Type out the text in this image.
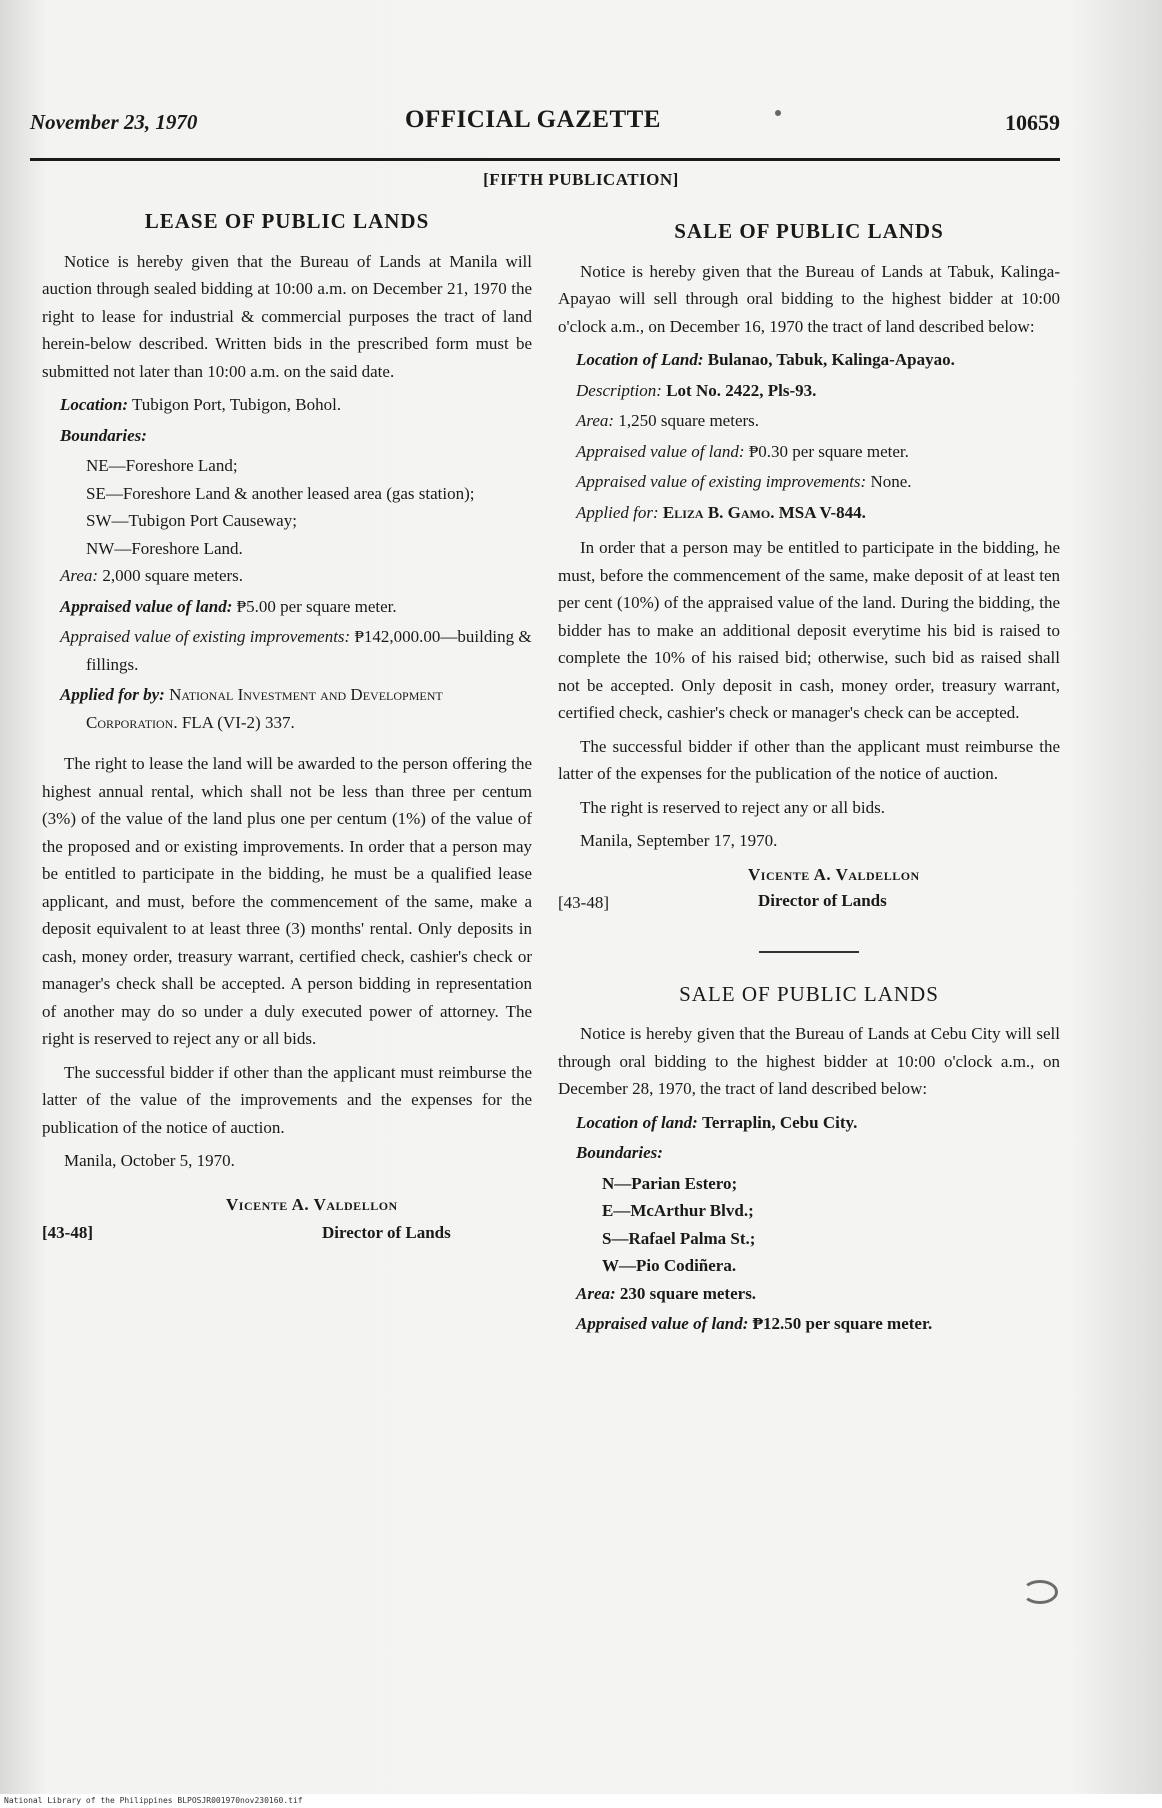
November 23, 1970	OFFICIAL GAZETTE	10659
[FIFTH PUBLICATION]
LEASE OF PUBLIC LANDS

Notice is hereby given that the Bureau of Lands at Manila will auction through sealed bidding at 10:00 a.m. on December 21, 1970 the right to lease for industrial & commercial purposes the tract of land herein-below described. Written bids in the prescribed form must be submitted not later than 10:00 a.m. on the said date.

Location: Tubigon Port, Tubigon, Bohol.
Boundaries:
NE—Foreshore Land;
SE—Foreshore Land & another leased area (gas station);
SW—Tubigon Port Causeway;
NW—Foreshore Land.
Area: 2,000 square meters.
Appraised value of land: ₱5.00 per square meter.
Appraised value of existing improvements: ₱142,000.00—building & fillings.
Applied for by: National Investment and Development Corporation. FLA (VI-2) 337.

The right to lease the land will be awarded to the person offering the highest annual rental, which shall not be less than three per centum (3%) of the value of the land plus one per centum (1%) of the value of the proposed and or existing improvements. In order that a person may be entitled to participate in the bidding, he must be a qualified lease applicant, and must, before the commencement of the same, make a deposit equivalent to at least three (3) months' rental. Only deposits in cash, money order, treasury warrant, certified check, cashier's check or manager's check shall be accepted. A person bidding in representation of another may do so under a duly executed power of attorney. The right is reserved to reject any or all bids.

The successful bidder if other than the applicant must reimburse the latter of the value of the improvements and the expenses for the publication of the notice of auction.

Manila, October 5, 1970.

Vicente A. Valdellon
Director of Lands
[43-48]
SALE OF PUBLIC LANDS

Notice is hereby given that the Bureau of Lands at Tabuk, Kalinga-Apayao will sell through oral bidding to the highest bidder at 10:00 o'clock a.m., on December 16, 1970 the tract of land described below:

Location of Land: Bulanao, Tabuk, Kalinga-Apayao.
Description: Lot No. 2422, Pls-93.
Area: 1,250 square meters.
Appraised value of land: ₱0.30 per square meter.
Appraised value of existing improvements: None.
Applied for: Eliza B. Gamo. MSA V-844.

In order that a person may be entitled to participate in the bidding, he must, before the commencement of the same, make deposit of at least ten per cent (10%) of the appraised value of the land. During the bidding, the bidder has to make an additional deposit everytime his bid is raised to complete the 10% of his raised bid; otherwise, such bid as raised shall not be accepted. Only deposit in cash, money order, treasury warrant, certified check, cashier's check or manager's check can be accepted.

The successful bidder if other than the applicant must reimburse the latter of the expenses for the publication of the notice of auction.

The right is reserved to reject any or all bids.

Manila, September 17, 1970.

Vicente A. Valdellon
Director of Lands
[43-48]
SALE OF PUBLIC LANDS

Notice is hereby given that the Bureau of Lands at Cebu City will sell through oral bidding to the highest bidder at 10:00 o'clock a.m., on December 28, 1970, the tract of land described below:

Location of land: Terraplin, Cebu City.
Boundaries:
N—Parian Estero;
E—McArthur Blvd.;
S—Rafael Palma St.;
W—Pio Codiñera.
Area: 230 square meters.
Appraised value of land: ₱12.50 per square meter.
National Library of the Philippines BLPOSJR001970nov230160.tif
